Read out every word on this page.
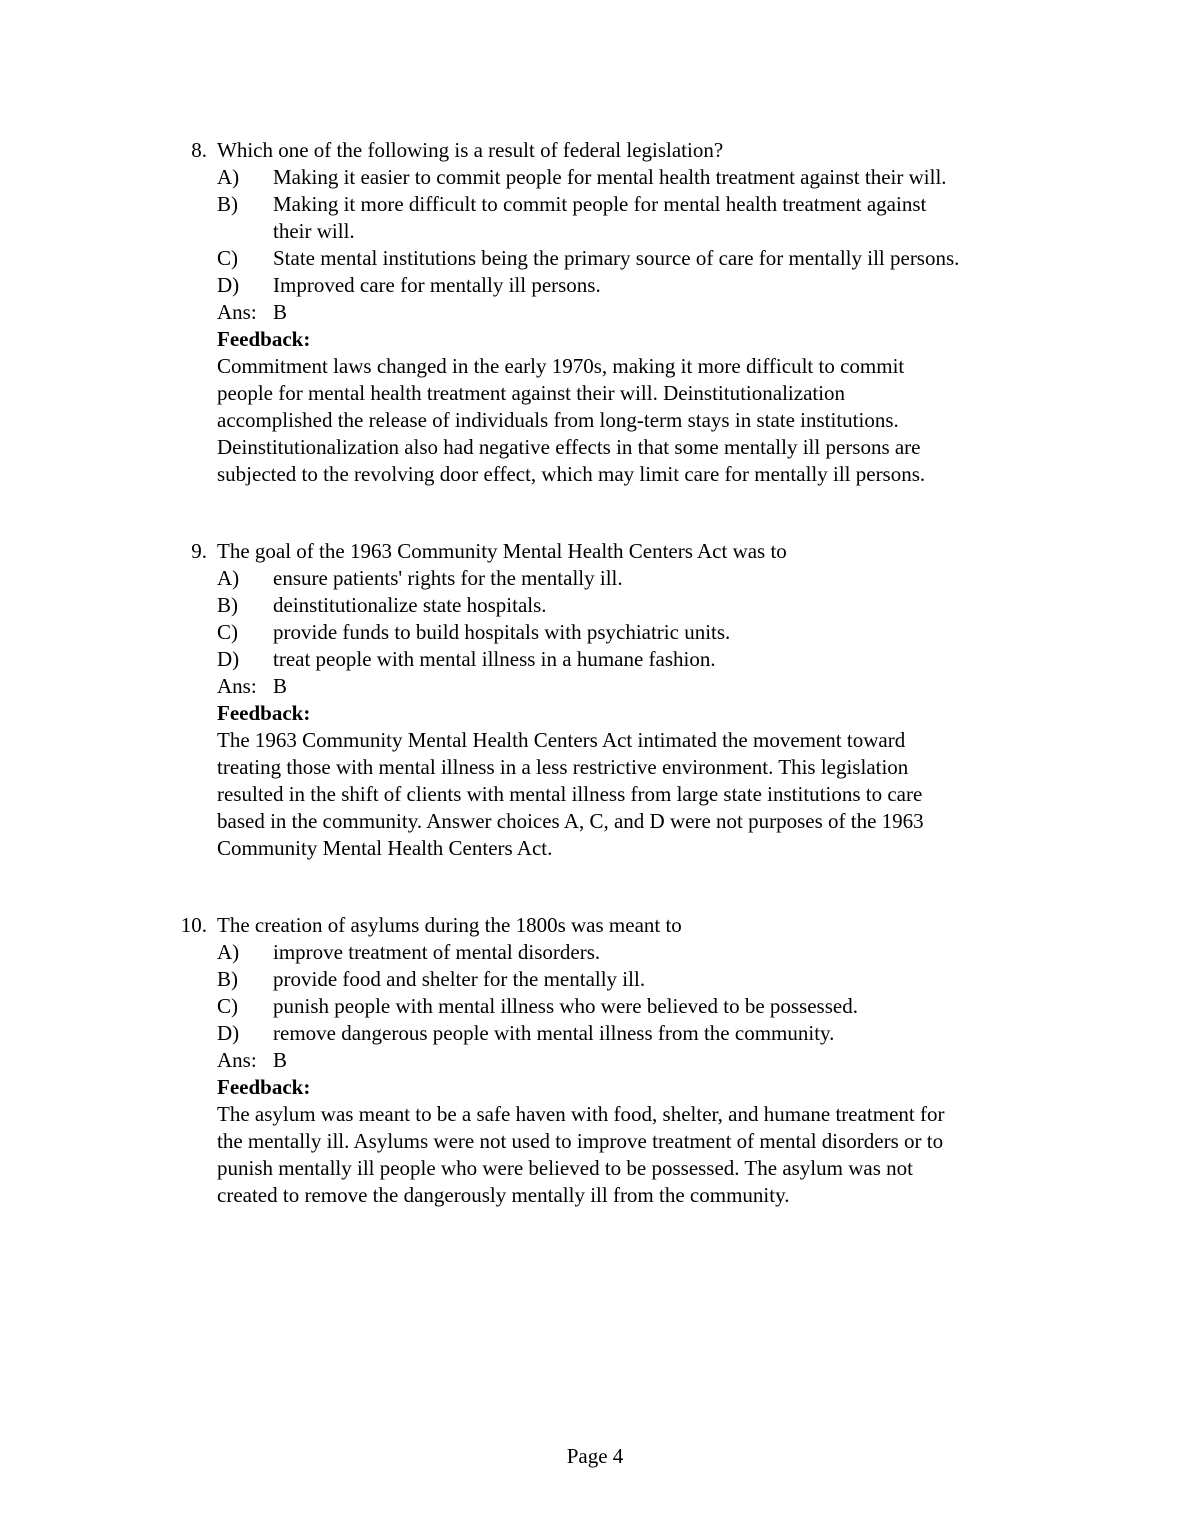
8. Which one of the following is a result of federal legislation?
A)	Making it easier to commit people for mental health treatment against their will.
B)	Making it more difficult to commit people for mental health treatment against
their will.
C)	State mental institutions being the primary source of care for mentally ill persons.
D)	Improved care for mentally ill persons.
Ans: B
Feedback:
Commitment laws changed in the early 1970s, making it more difficult to commit
people for mental health treatment against their will. Deinstitutionalization
accomplished the release of individuals from long-term stays in state institutions.
Deinstitutionalization also had negative effects in that some mentally ill persons are
subjected to the revolving door effect, which may limit care for mentally ill persons.
9. The goal of the 1963 Community Mental Health Centers Act was to
A)	ensure patients' rights for the mentally ill.
B)	deinstitutionalize state hospitals.
C)	provide funds to build hospitals with psychiatric units.
D)	treat people with mental illness in a humane fashion.
Ans: B
Feedback:
The 1963 Community Mental Health Centers Act intimated the movement toward
treating those with mental illness in a less restrictive environment. This legislation
resulted in the shift of clients with mental illness from large state institutions to care
based in the community. Answer choices A, C, and D were not purposes of the 1963
Community Mental Health Centers Act.
10. The creation of asylums during the 1800s was meant to
A)	improve treatment of mental disorders.
B)	provide food and shelter for the mentally ill.
C)	punish people with mental illness who were believed to be possessed.
D)	remove dangerous people with mental illness from the community.
Ans: B
Feedback:
The asylum was meant to be a safe haven with food, shelter, and humane treatment for
the mentally ill. Asylums were not used to improve treatment of mental disorders or to
punish mentally ill people who were believed to be possessed. The asylum was not
created to remove the dangerously mentally ill from the community.
Page 4
